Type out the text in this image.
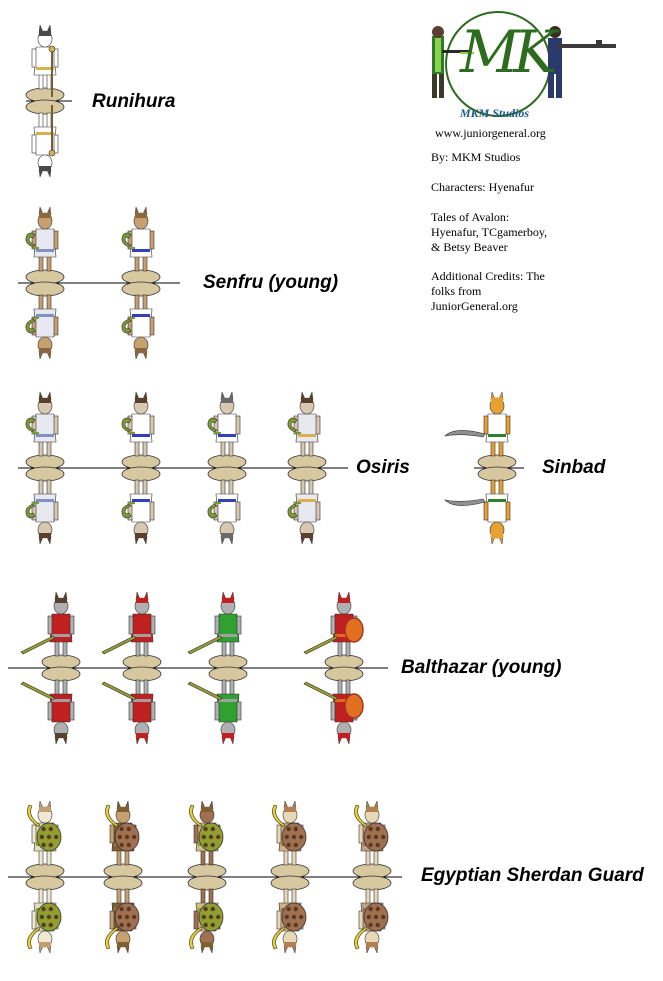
Runihura
Senfru (young)
Osiris	Sinbad
Balthazar (young)
Egyptian Sherdan Guard
MK
MKM Studios
www.juniorgeneral.org
By: MKM Studios
Characters: Hyenafur
Tales of Avalon:
Hyenafur, TCgamerboy,
& Betsy Beaver
Additional Credits: The
folks from
JuniorGeneral.org
